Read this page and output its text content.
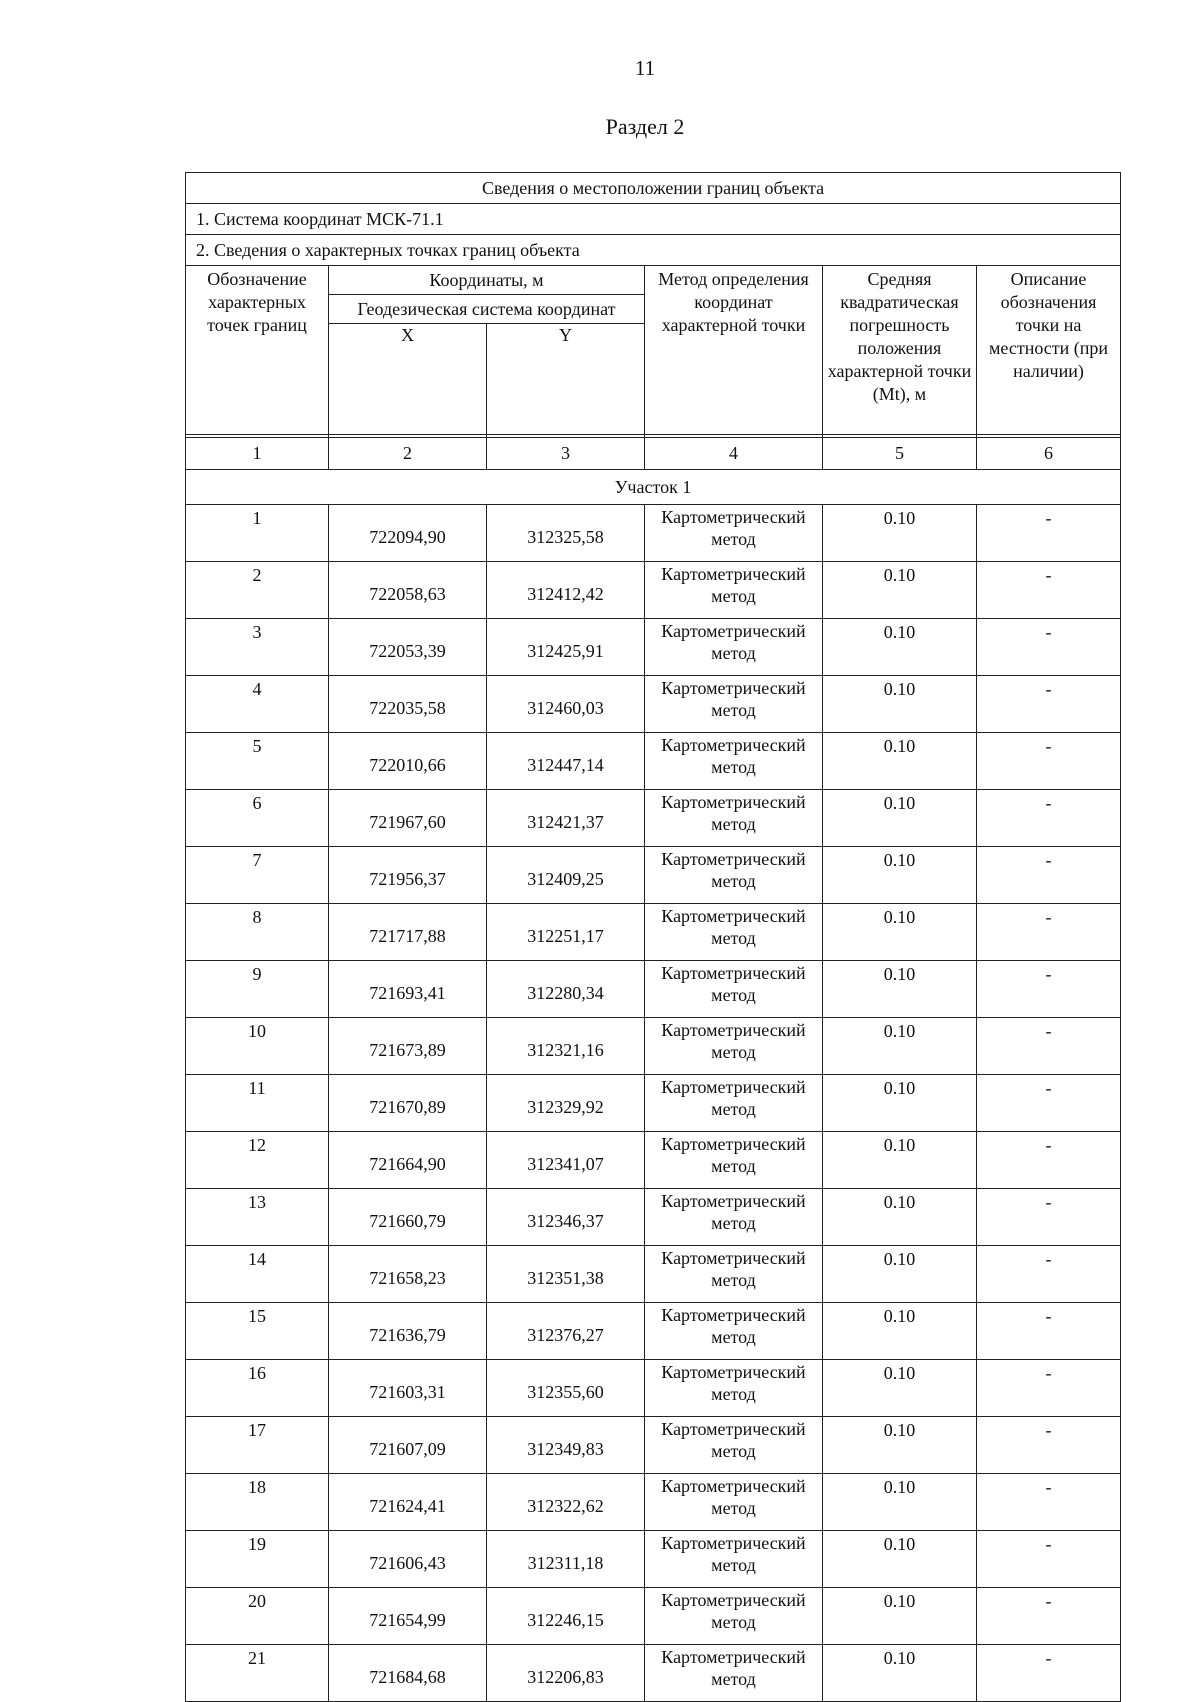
11
Раздел 2
Сведения о местоположении границ объекта					
1. Система координат МСК-71.1					
2. Сведения о характерных точках границ объекта					
Обозначение характерных точек границ	Координаты, м		Метод определения координат характерной точки	Средняя квадратическая погрешность положения характерной точки (Mt), м	Описание обозначения точки на местности (при наличии)
	Геодезическая система координат				
	X	Y			

1	2	3	4	5	6
Участок 1					
1	722094,90	312325,58	Картометрический метод	0.10	-
2	722058,63	312412,42	Картометрический метод	0.10	-
3	722053,39	312425,91	Картометрический метод	0.10	-
4	722035,58	312460,03	Картометрический метод	0.10	-
5	722010,66	312447,14	Картометрический метод	0.10	-
6	721967,60	312421,37	Картометрический метод	0.10	-
7	721956,37	312409,25	Картометрический метод	0.10	-
8	721717,88	312251,17	Картометрический метод	0.10	-
9	721693,41	312280,34	Картометрический метод	0.10	-
10	721673,89	312321,16	Картометрический метод	0.10	-
11	721670,89	312329,92	Картометрический метод	0.10	-
12	721664,90	312341,07	Картометрический метод	0.10	-
13	721660,79	312346,37	Картометрический метод	0.10	-
14	721658,23	312351,38	Картометрический метод	0.10	-
15	721636,79	312376,27	Картометрический метод	0.10	-
16	721603,31	312355,60	Картометрический метод	0.10	-
17	721607,09	312349,83	Картометрический метод	0.10	-
18	721624,41	312322,62	Картометрический метод	0.10	-
19	721606,43	312311,18	Картометрический метод	0.10	-
20	721654,99	312246,15	Картометрический метод	0.10	-
21	721684,68	312206,83	Картометрический метод	0.10	-
